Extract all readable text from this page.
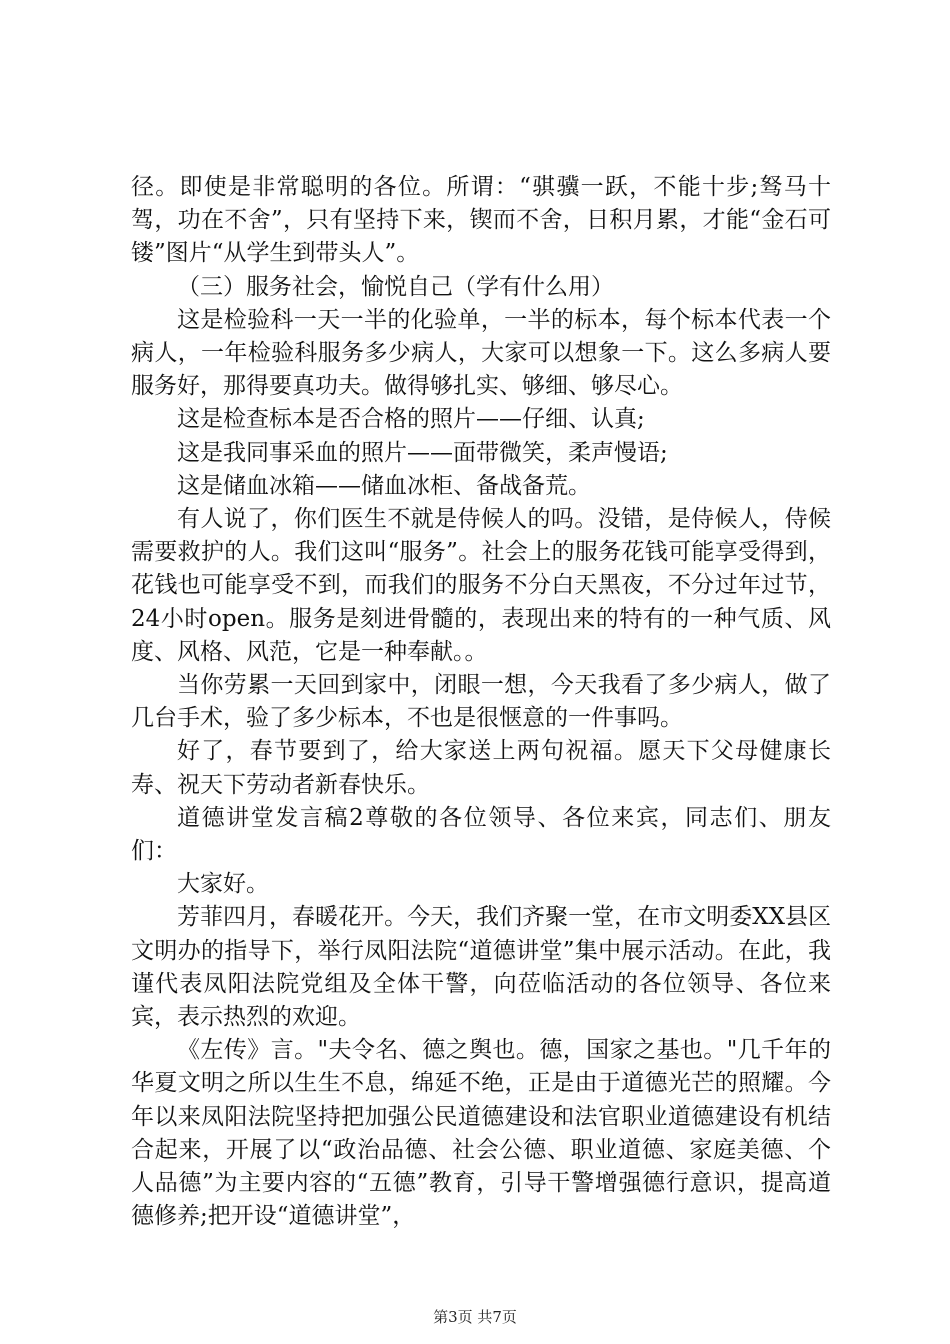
径。即使是非常聪明的各位。所谓：“骐骥一跃，不能十步;驽马十驾，功在不舍”，只有坚持下来，锲而不舍，日积月累，才能“金石可镂”图片“从学生到带头人”。

（三）服务社会，愉悦自己（学有什么用）

这是检验科一天一半的化验单，一半的标本，每个标本代表一个病人，一年检验科服务多少病人，大家可以想象一下。这么多病人要服务好，那得要真功夫。做得够扎实、够细、够尽心。

这是检查标本是否合格的照片——仔细、认真;

这是我同事采血的照片——面带微笑，柔声慢语;

这是储血冰箱——储血冰柜、备战备荒。

有人说了，你们医生不就是侍候人的吗。没错，是侍候人，侍候需要救护的人。我们这叫“服务”。社会上的服务花钱可能享受得到，花钱也可能享受不到，而我们的服务不分白天黑夜，不分过年过节，24小时open。服务是刻进骨髓的，表现出来的特有的一种气质、风度、风格、风范，它是一种奉献。。

当你劳累一天回到家中，闭眼一想，今天我看了多少病人，做了几台手术，验了多少标本，不也是很惬意的一件事吗。

好了，春节要到了，给大家送上两句祝福。愿天下父母健康长寿、祝天下劳动者新春快乐。

道德讲堂发言稿2尊敬的各位领导、各位来宾，同志们、朋友们：

大家好。

芳菲四月，春暖花开。今天，我们齐聚一堂，在市文明委XX县区文明办的指导下，举行凤阳法院“道德讲堂”集中展示活动。在此，我谨代表凤阳法院党组及全体干警，向莅临活动的各位领导、各位来宾，表示热烈的欢迎。

《左传》言。"夫令名、德之舆也。德，国家之基也。"几千年的华夏文明之所以生生不息，绵延不绝，正是由于道德光芒的照耀。今年以来凤阳法院坚持把加强公民道德建设和法官职业道德建设有机结合起来，开展了以“政治品德、社会公德、职业道德、家庭美德、个人品德”为主要内容的“五德”教育，引导干警增强德行意识，提高道德修养;把开设“道德讲堂”，

第3页 共7页
